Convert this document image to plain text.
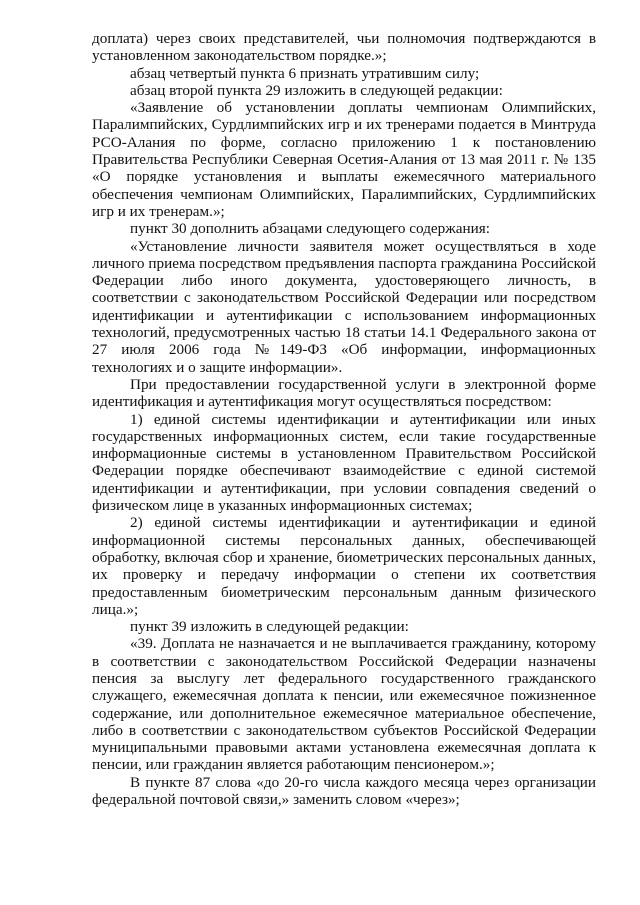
доплата) через своих представителей, чьи полномочия подтверждаются в установленном законодательством порядке.»;

абзац четвертый пункта 6 признать утратившим силу;

абзац второй пункта 29 изложить в следующей редакции:

«Заявление об установлении доплаты чемпионам Олимпийских, Паралимпийских, Сурдлимпийских игр и их тренерами подается в Минтруда РСО-Алания по форме, согласно приложению 1 к постановлению Правительства Республики Северная Осетия-Алания от 13 мая 2011 г. № 135 «О порядке установления и выплаты ежемесячного материального обеспечения чемпионам Олимпийских, Паралимпийских, Сурдлимпийских игр и их тренерам.»;

пункт 30 дополнить абзацами следующего содержания:

«Установление личности заявителя может осуществляться в ходе личного приема посредством предъявления паспорта гражданина Российской Федерации либо иного документа, удостоверяющего личность, в соответствии с законодательством Российской Федерации или посредством идентификации и аутентификации с использованием информационных технологий, предусмотренных частью 18 статьи 14.1 Федерального закона от 27 июля 2006 года №149-ФЗ «Об информации, информационных технологиях и о защите информации».

При предоставлении государственной услуги в электронной форме идентификация и аутентификация могут осуществляться посредством:

1) единой системы идентификации и аутентификации или иных государственных информационных систем, если такие государственные информационные системы в установленном Правительством Российской Федерации порядке обеспечивают взаимодействие с единой системой идентификации и аутентификации, при условии совпадения сведений о физическом лице в указанных информационных системах;

2) единой системы идентификации и аутентификации и единой информационной системы персональных данных, обеспечивающей обработку, включая сбор и хранение, биометрических персональных данных, их проверку и передачу информации о степени их соответствия предоставленным биометрическим персональным данным физического лица.»;

пункт 39 изложить в следующей редакции:

«39. Доплата не назначается и не выплачивается гражданину, которому в соответствии с законодательством Российской Федерации назначены пенсия за выслугу лет федерального государственного гражданского служащего, ежемесячная доплата к пенсии, или ежемесячное пожизненное содержание, или дополнительное ежемесячное материальное обеспечение, либо в соответствии с законодательством субъектов Российской Федерации муниципальными правовыми актами установлена ежемесячная доплата к пенсии, или гражданин является работающим пенсионером.»;

В пункте 87 слова «до 20-го числа каждого месяца через организации федеральной почтовой связи,» заменить словом «через»;
